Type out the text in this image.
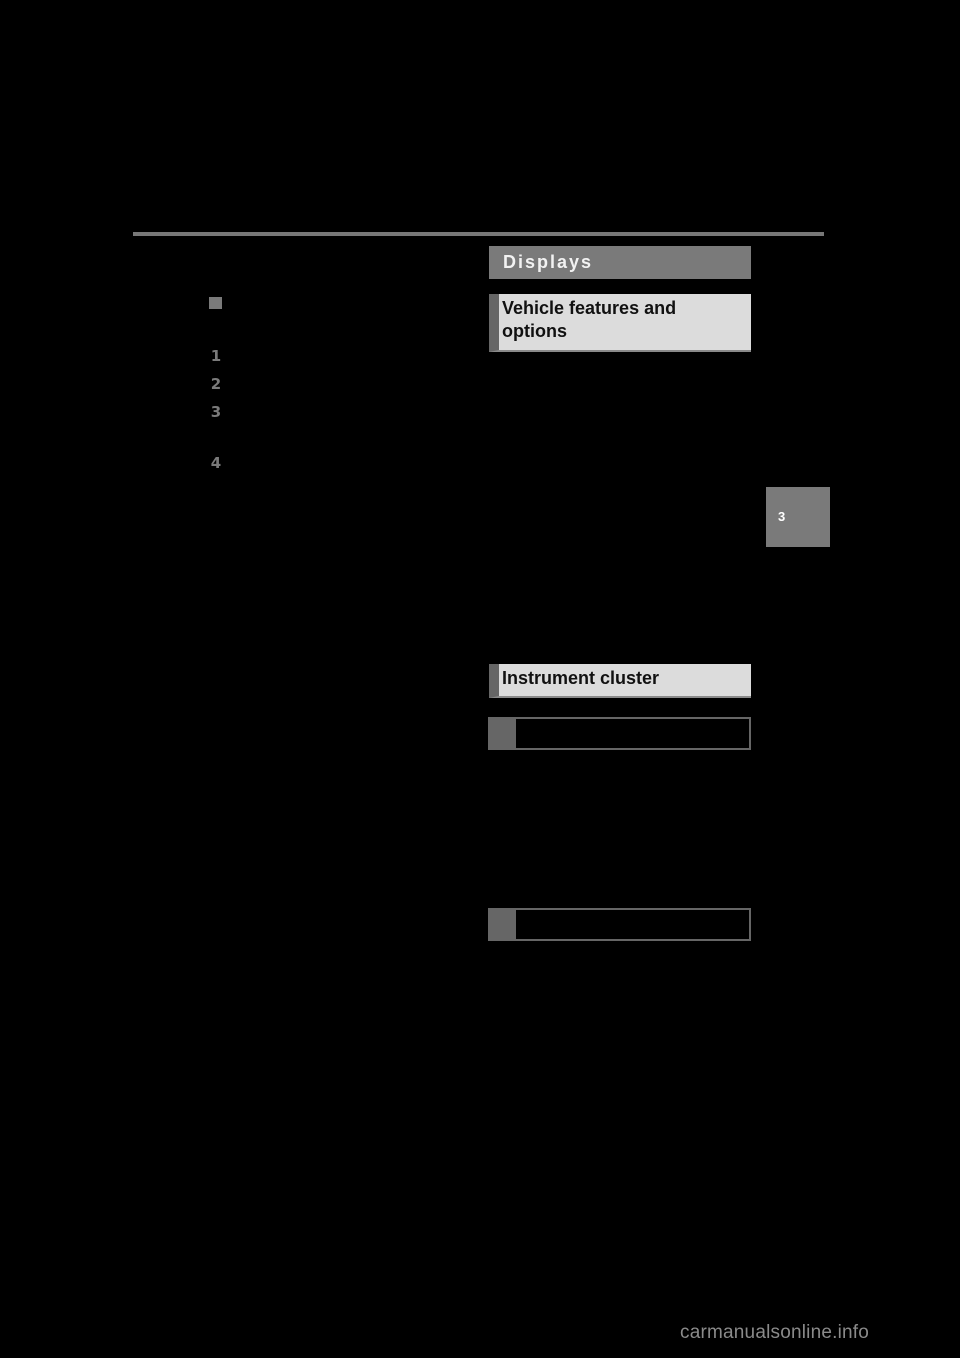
1
2
3
4
Displays
Vehicle features and options
Instrument cluster
3
carmanualsonline.info
